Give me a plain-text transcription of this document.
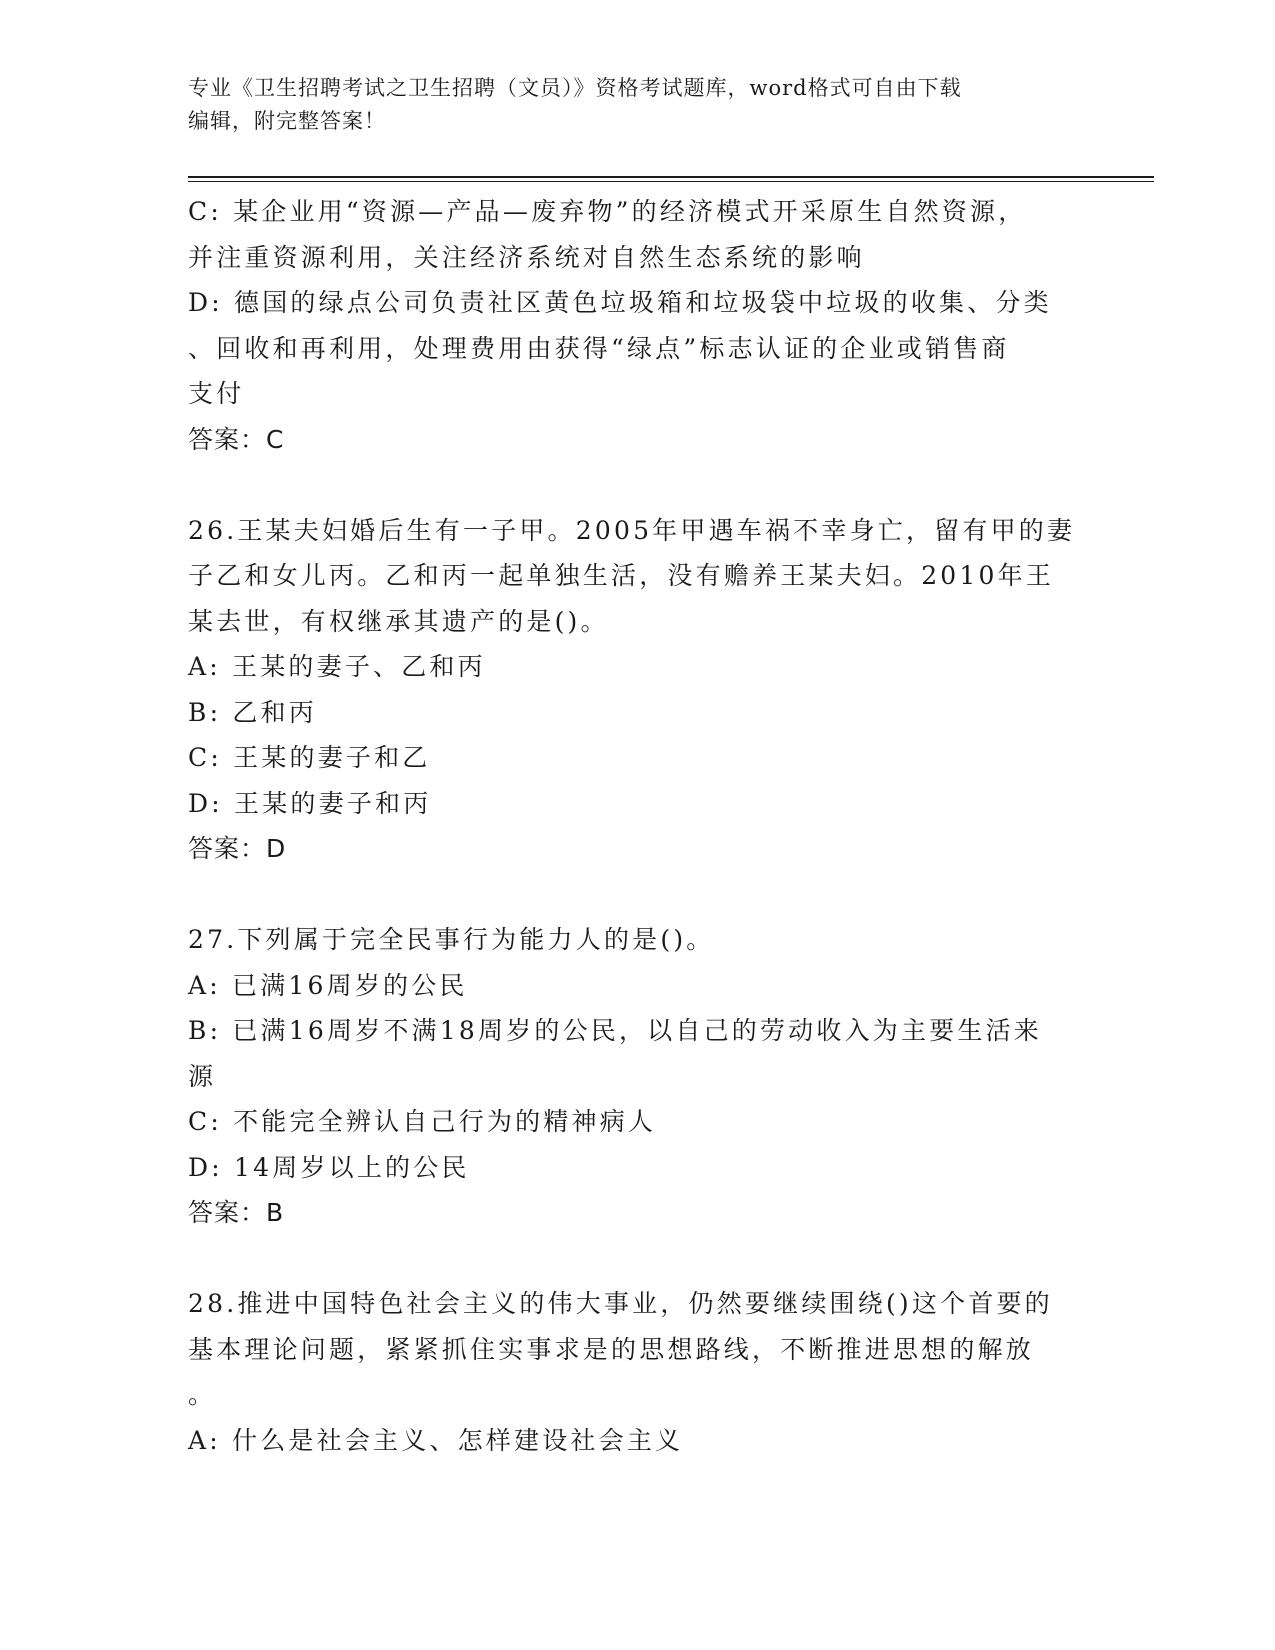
专业《卫生招聘考试之卫生招聘（文员）》资格考试题库，word格式可自由下载
编辑，附完整答案！
C: 某企业用“资源—产品—废弃物”的经济模式开采原生自然资源，
并注重资源利用，关注经济系统对自然生态系统的影响
D: 德国的绿点公司负责社区黄色垃圾箱和垃圾袋中垃圾的收集、分类
、回收和再利用，处理费用由获得“绿点”标志认证的企业或销售商
支付
答案：C
26.王某夫妇婚后生有一子甲。2005年甲遇车祸不幸身亡，留有甲的妻
子乙和女儿丙。乙和丙一起单独生活，没有赡养王某夫妇。2010年王
某去世，有权继承其遗产的是()。
A: 王某的妻子、乙和丙
B: 乙和丙
C: 王某的妻子和乙
D: 王某的妻子和丙
答案：D
27.下列属于完全民事行为能力人的是()。
A: 已满16周岁的公民
B: 已满16周岁不满18周岁的公民，以自己的劳动收入为主要生活来
源
C: 不能完全辨认自己行为的精神病人
D: 14周岁以上的公民
答案：B
28.推进中国特色社会主义的伟大事业，仍然要继续围绕()这个首要的
基本理论问题，紧紧抓住实事求是的思想路线，不断推进思想的解放
。
A: 什么是社会主义、怎样建设社会主义
